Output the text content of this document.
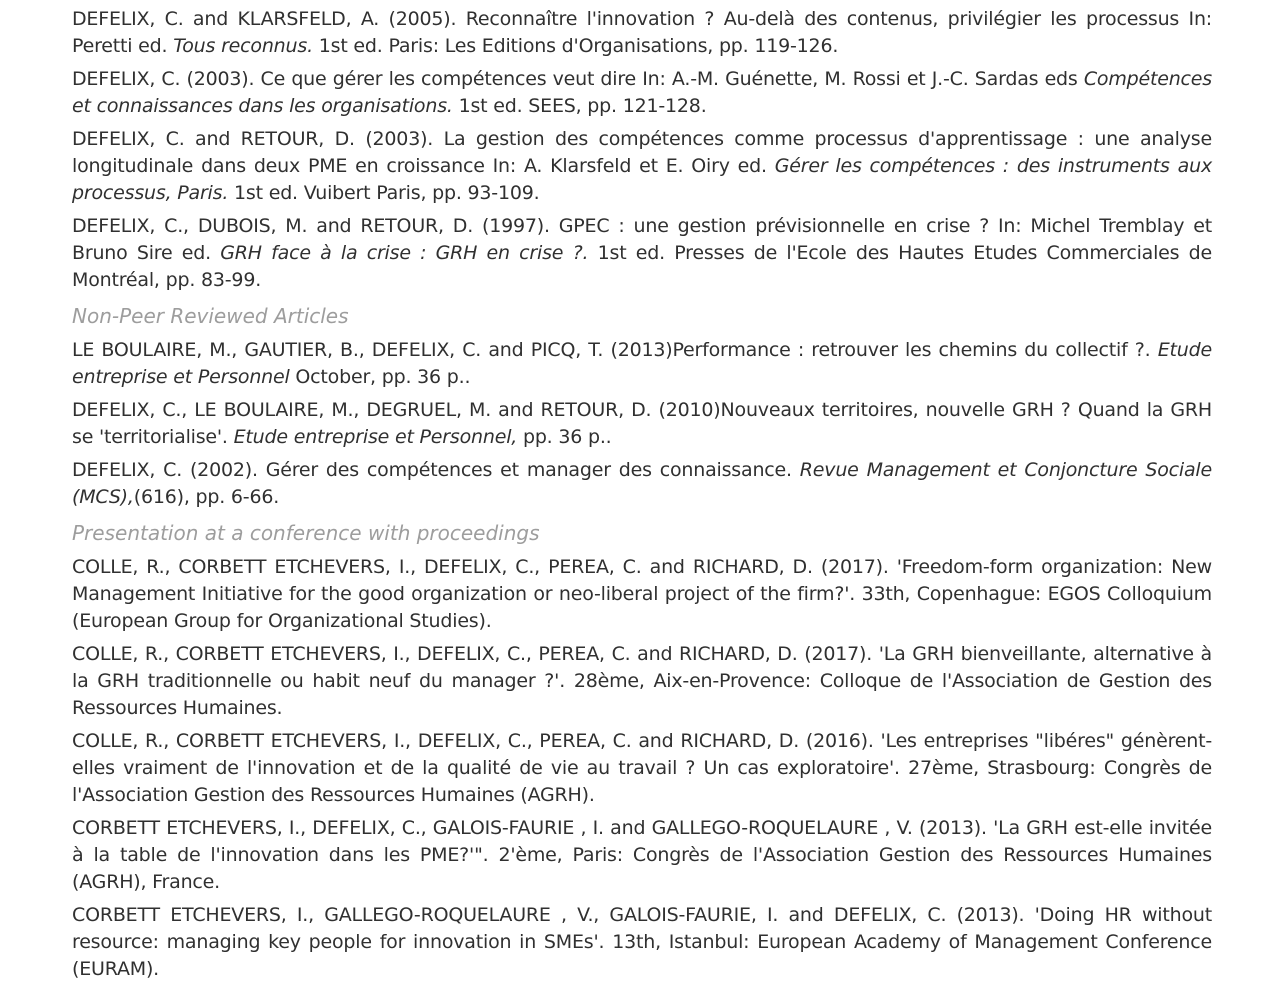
DEFELIX, C. and KLARSFELD, A. (2005). Reconnaître l'innovation ? Au-delà des contenus, privilégier les processus In: Peretti ed. Tous reconnus. 1st ed. Paris: Les Editions d'Organisations, pp. 119-126.

DEFELIX, C. (2003). Ce que gérer les compétences veut dire In: A.-M. Guénette, M. Rossi et J.-C. Sardas eds Compétences et connaissances dans les organisations. 1st ed. SEES, pp. 121-128.

DEFELIX, C. and RETOUR, D. (2003). La gestion des compétences comme processus d'apprentissage : une analyse longitudinale dans deux PME en croissance In: A. Klarsfeld et E. Oiry ed. Gérer les compétences : des instruments aux processus, Paris. 1st ed. Vuibert Paris, pp. 93-109.

DEFELIX, C., DUBOIS, M. and RETOUR, D. (1997). GPEC : une gestion prévisionnelle en crise ? In: Michel Tremblay et Bruno Sire ed. GRH face à la crise : GRH en crise ?. 1st ed. Presses de l'Ecole des Hautes Etudes Commerciales de Montréal, pp. 83-99.

Non-Peer Reviewed Articles

LE BOULAIRE, M., GAUTIER, B., DEFELIX, C. and PICQ, T. (2013)Performance : retrouver les chemins du collectif ?. Etude entreprise et Personnel October, pp. 36 p..

DEFELIX, C., LE BOULAIRE, M., DEGRUEL, M. and RETOUR, D. (2010)Nouveaux territoires, nouvelle GRH ? Quand la GRH se 'territorialise'. Etude entreprise et Personnel, pp. 36 p..

DEFELIX, C. (2002). Gérer des compétences et manager des connaissance. Revue Management et Conjoncture Sociale (MCS),(616), pp. 6-66.

Presentation at a conference with proceedings

COLLE, R., CORBETT ETCHEVERS, I., DEFELIX, C., PEREA, C. and RICHARD, D. (2017). 'Freedom-form organization: New Management Initiative for the good organization or neo-liberal project of the firm?'. 33th, Copenhague: EGOS Colloquium (European Group for Organizational Studies).

COLLE, R., CORBETT ETCHEVERS, I., DEFELIX, C., PEREA, C. and RICHARD, D. (2017). 'La GRH bienveillante, alternative à la GRH traditionnelle ou habit neuf du manager ?'. 28ème, Aix-en-Provence: Colloque de l'Association de Gestion des Ressources Humaines.

COLLE, R., CORBETT ETCHEVERS, I., DEFELIX, C., PEREA, C. and RICHARD, D. (2016). 'Les entreprises "libéres" génèrent-elles vraiment de l'innovation et de la qualité de vie au travail ? Un cas exploratoire'. 27ème, Strasbourg: Congrès de l'Association Gestion des Ressources Humaines (AGRH).

CORBETT ETCHEVERS, I., DEFELIX, C., GALOIS-FAURIE , I. and GALLEGO-ROQUELAURE , V. (2013). 'La GRH est-elle invitée à la table de l'innovation dans les PME?'". 2'ème, Paris: Congrès de l'Association Gestion des Ressources Humaines (AGRH), France.

CORBETT ETCHEVERS, I., GALLEGO-ROQUELAURE , V., GALOIS-FAURIE, I. and DEFELIX, C. (2013). 'Doing HR without resource: managing key people for innovation in SMEs'. 13th, Istanbul: European Academy of Management Conference (EURAM).
